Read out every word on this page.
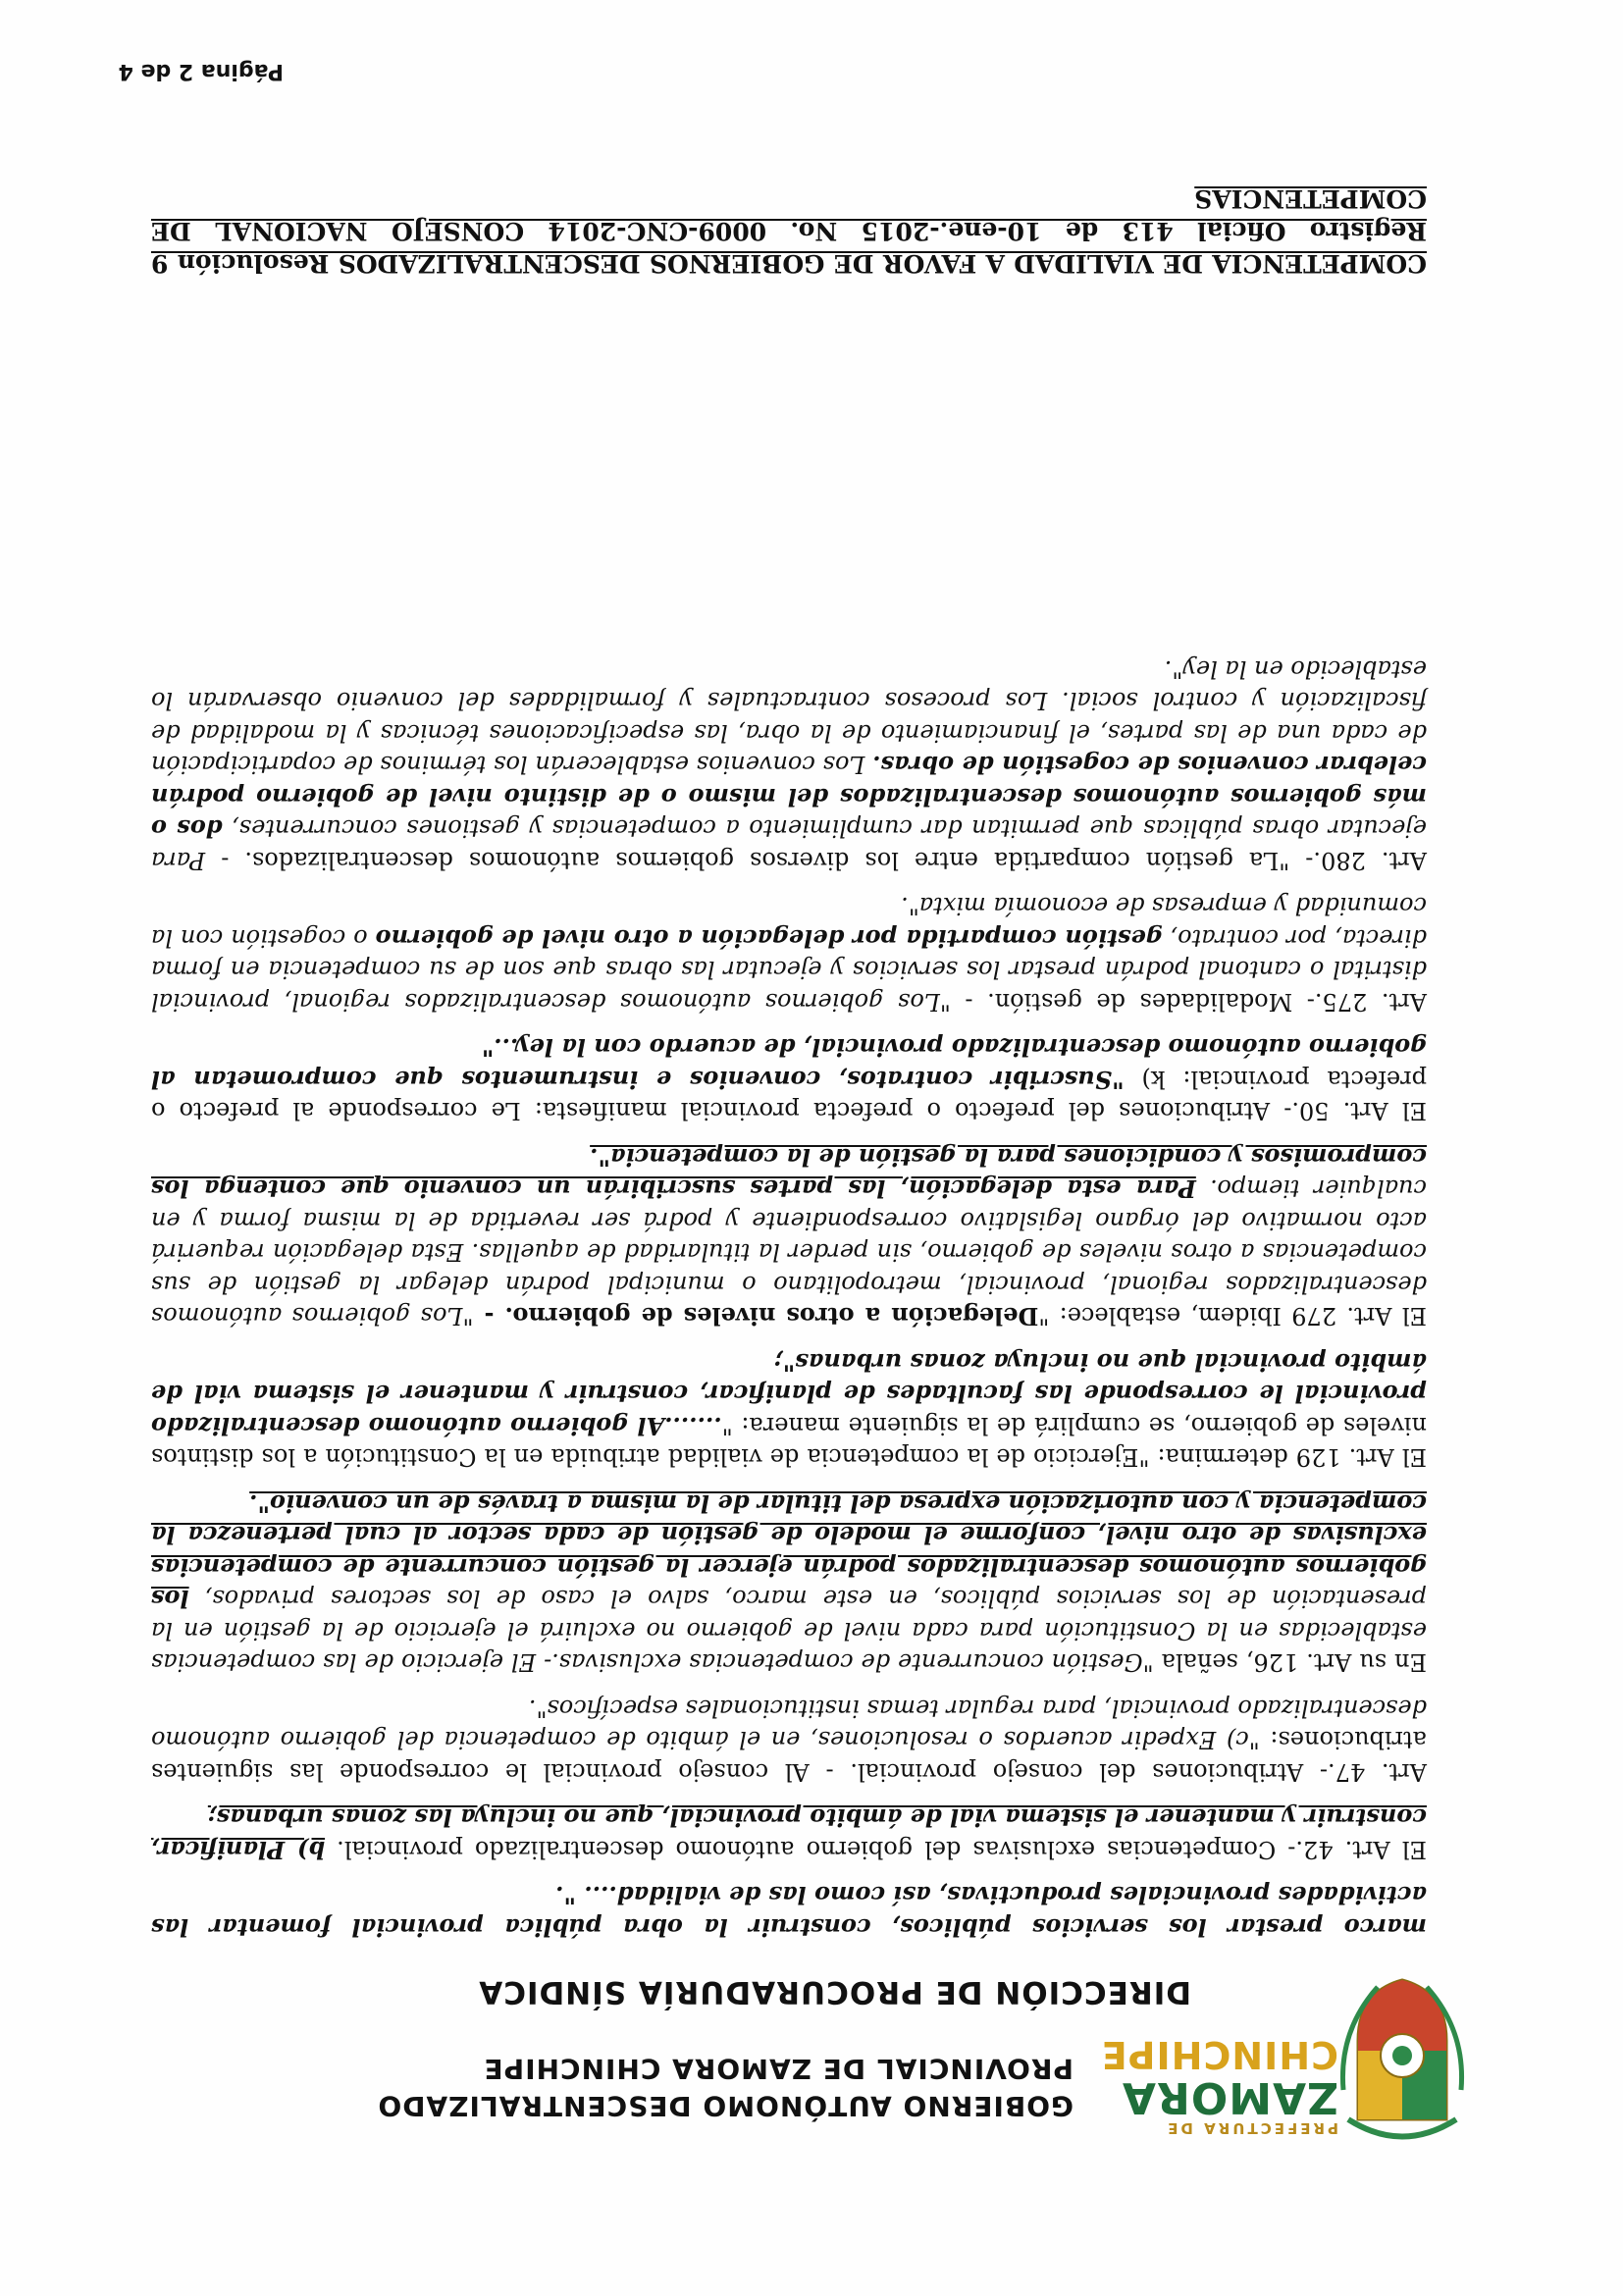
PREFECTURA DE
ZAMORA
CHINCHIPE
GOBIERNO AUTÓNOMO DESCENTRALIZADO
PROVINCIAL DE ZAMORA CHINCHIPE
DIRECCIÓN DE PROCURADURÍA SÍNDICA

marco prestar los servicios públicos, construir la obra pública provincial fomentar las actividades provinciales productivas, así como las de vialidad.... ".

El Art. 42.- Competencias exclusivas del gobierno autónomo descentralizado provincial. b) Planificar, construir y mantener el sistema vial de ámbito provincial, que no incluya las zonas urbanas;

Art. 47.- Atribuciones del consejo provincial. - Al consejo provincial le corresponde las siguientes atribuciones: "c) Expedir acuerdos o resoluciones, en el ámbito de competencia del gobierno autónomo descentralizado provincial, para regular temas institucionales específicos".

En su Art. 126, señala "Gestión concurrente de competencias exclusivas.- El ejercicio de las competencias establecidas en la Constitución para cada nivel de gobierno no excluirá el ejercicio de la gestión en la presentación de los servicios públicos, en este marco, salvo el caso de los sectores privados, los gobiernos autónomos descentralizados podrán ejercer la gestión concurrente de competencias exclusivas de otro nivel, conforme el modelo de gestión de cada sector al cual pertenezca la competencia y con autorización expresa del titular de la misma a través de un convenio".

El Art. 129 determina: "Ejercicio de la competencia de vialidad atribuida en la Constitución a los distintos niveles de gobierno, se cumplirá de la siguiente manera: ".......Al gobierno autónomo descentralizado provincial le corresponde las facultades de planificar, construir y mantener el sistema vial de ámbito provincial que no incluya zonas urbanas";

El Art. 279 Ibidem, establece: "Delegación a otros niveles de gobierno. - "Los gobiernos autónomos descentralizados regional, provincial, metropolitano o municipal podrán delegar la gestión de sus competencias a otros niveles de gobierno, sin perder la titularidad de aquellas. Esta delegación requerirá acto normativo del órgano legislativo correspondiente y podrá ser revertida de la misma forma y en cualquier tiempo. Para esta delegación, las partes suscribirán un convenio que contenga los compromisos y condiciones para la gestión de la competencia".

El Art. 50.- Atribuciones del prefecto o prefecta provincial manifiesta: Le corresponde al prefecto o prefecta provincial: k) "Suscribir contratos, convenios e instrumentos que comprometan al gobierno autónomo descentralizado provincial, de acuerdo con la ley..."

Art. 275.- Modalidades de gestión. - "Los gobiernos autónomos descentralizados regional, provincial distrital o cantonal podrán prestar los servicios y ejecutar las obras que son de su competencia en forma directa, por contrato, gestión compartida por delegación a otro nivel de gobierno o cogestión con la comunidad y empresas de economía mixta".

Art. 280.- "La gestión compartida entre los diversos gobiernos autónomos descentralizados. - Para ejecutar obras públicas que permitan dar cumplimiento a competencias y gestiones concurrentes, dos o más gobiernos autónomos descentralizados del mismo o de distinto nivel de gobierno podrán celebrar convenios de cogestión de obras. Los convenios establecerán los términos de coparticipación de cada una de las partes, el financiamiento de la obra, las especificaciones técnicas y la modalidad de fiscalización y control social. Los procesos contractuales y formalidades del convenio observarán lo establecido en la ley".

COMPETENCIA DE VIALIDAD A FAVOR DE GOBIERNOS DESCENTRALIZADOS Resolución 9 Registro Oficial 413 de 10-ene.-2015 No. 0009-CNC-2014 CONSEJO NACIONAL DE COMPETENCIAS
Página 2 de 4
